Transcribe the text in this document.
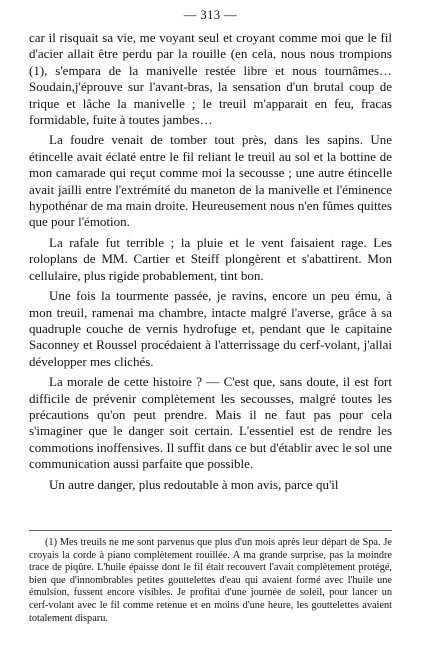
— 313 —

car il risquait sa vie, me voyant seul et croyant comme moi que le fil d'acier allait être perdu par la rouille (en cela, nous nous trompions (1), s'empara de la manivelle restée libre et nous tournâmes… Soudain,j'éprouve sur l'avant-bras, la sensation d'un brutal coup de trique et lâche la manivelle ; le treuil m'apparait en feu, fracas formidable, fuite à toutes jambes…

La foudre venait de tomber tout près, dans les sapins. Une étincelle avait éclaté entre le fil reliant le treuil au sol et la bottine de mon camarade qui reçut comme moi la secousse ; une autre étincelle avait jailli entre l'extrémité du maneton de la manivelle et l'éminence hypothénar de ma main droite. Heureusement nous n'en fûmes quittes que pour l'émotion.

La rafale fut terrible ; la pluie et le vent faisaient rage. Les roloplans de MM. Cartier et Steiff plongèrent et s'abattirent. Mon cellulaire, plus rigide probablement, tint bon.

Une fois la tourmente passée, je ravins, encore un peu ému, à mon treuil, ramenai ma chambre, intacte malgré l'averse, grâce à sa quadruple couche de vernis hydrofuge et, pendant que le capitaine Saconney et Roussel procédaient à l'atterrissage du cerf-volant, j'allai développer mes clichés.

La morale de cette histoire ? — C'est que, sans doute, il est fort difficile de prévenir complètement les secousses, malgré toutes les précautions qu'on peut prendre. Mais il ne faut pas pour cela s'imaginer que le danger soit certain. L'essentiel est de rendre les commotions inoffensives. Il suffit dans ce but d'établir avec le sol une communication aussi parfaite que possible.

Un autre danger, plus redoutable à mon avis, parce qu'il

(1) Mes treuils ne me sont parvenus que plus d'un mois après leur départ de Spa. Je croyais la corde à piano complètement rouillée. A ma grande surprise, pas la moindre trace de piqûre. L'huile épaisse dont le fil était recouvert l'avait complètement protégé, bien que d'innombrables petites gouttelettes d'eau qui avaient formé avec l'huile une émulsion, fussent encore visibles. Je profitai d'une journée de soleil, pour lancer un cerf-volant avec le fil comme retenue et en moins d'une heure, les gouttelettes avaient totalement disparu.
